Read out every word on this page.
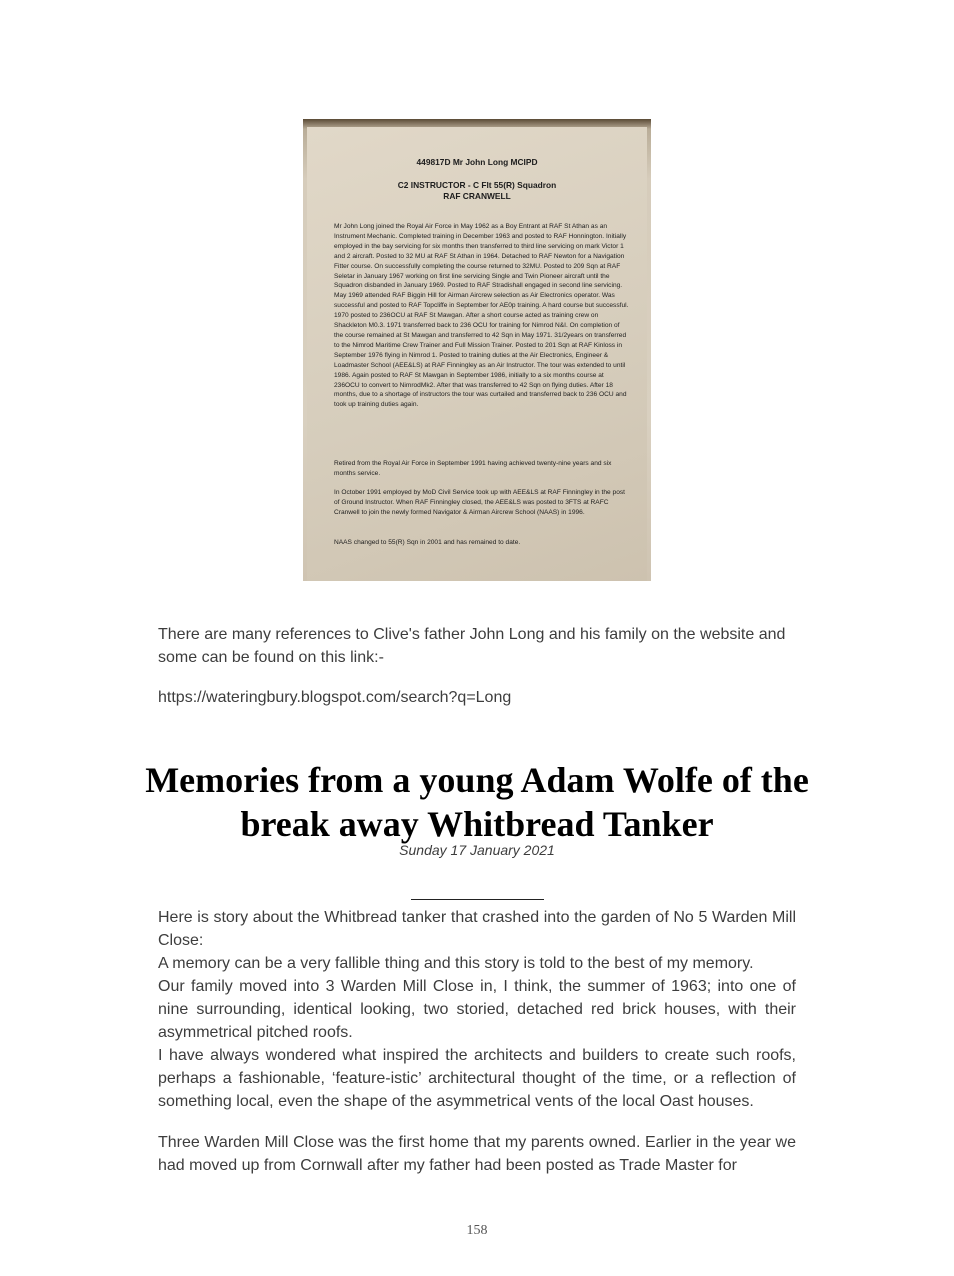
449817D Mr John Long MCIPD
C2 INSTRUCTOR - C Flt 55(R) Squadron
RAF CRANWELL

Mr John Long joined the Royal Air Force in May 1962 as a Boy Entrant at RAF St Athan as an Instrument Mechanic. Completed training in December 1963 and posted to RAF Honnington. Initially employed in the bay servicing for six months then transferred to third line servicing on mark Victor 1 and 2 aircraft. Posted to 32 MU at RAF St Athan in 1964. Detached to RAF Newton for a Navigation Fitter course. On successfully completing the course returned to 32MU. Posted to 209 Sqn at RAF Seletar in January 1967 working on first line servicing Single and Twin Pioneer aircraft until the Squadron disbanded in January 1969. Posted to RAF Stradishall engaged in second line servicing. May 1969 attended RAF Biggin Hill for Airman Aircrew selection as Air Electronics operator. Was successful and posted to RAF Topcliffe in September for AE0p training. A hard course but successful. 1970 posted to 236OCU at RAF St Mawgan. After a short course acted as training crew on Shackleton M0.3. 1971 transferred back to 236 OCU for training for Nimrod N&I. On completion of the course remained at St Mawgan and transferred to 42 Sqn in May 1971. 31/2years on transferred to the Nimrod Maritime Crew Trainer and Full Mission Trainer. Posted to 201 Sqn at RAF Kinloss in September 1976 flying in Nimrod 1. Posted to training duties at the Air Electronics, Engineer & Loadmaster School (AEE&LS) at RAF Finningley as an Air Instructor. The tour was extended to until 1986. Again posted to RAF St Mawgan in September 1986, initially to a six months course at 236OCU to convert to NimrodMk2. After that was transferred to 42 Sqn on flying duties. After 18 months, due to a shortage of instructors the tour was curtailed and transferred back to 236 OCU and took up training duties again.

Retired from the Royal Air Force in September 1991 having achieved twenty-nine years and six months service.

In October 1991 employed by MoD Civil Service took up with AEE&LS at RAF Finningley in the post of Ground Instructor. When RAF Finningley closed, the AEE&LS was posted to 3FTS at RAFC Cranwell to join the newly formed Navigator & Airman Aircrew School (NAAS) in 1996.

NAAS changed to 55(R) Sqn in 2001 and has remained to date.

There are many references to Clive's father John Long and his family on the website and some can be found on this link:-

https://wateringbury.blogspot.com/search?q=Long

Memories from a young Adam Wolfe of the break away Whitbread Tanker
Sunday 17 January 2021
Here is story about the Whitbread tanker that crashed into the garden of No 5 Warden Mill Close:
A memory can be a very fallible thing and this story is told to the best of my memory.
Our family moved into 3 Warden Mill Close in, I think, the summer of 1963; into one of nine surrounding, identical looking, two storied, detached red brick houses, with their asymmetrical pitched roofs.
I have always wondered what inspired the architects and builders to create such roofs, perhaps a fashionable, ‘feature-istic’ architectural thought of the time, or a reflection of something local, even the shape of the asymmetrical vents of the local Oast houses.

Three Warden Mill Close was the first home that my parents owned. Earlier in the year we had moved up from Cornwall after my father had been posted as Trade Master for

158
